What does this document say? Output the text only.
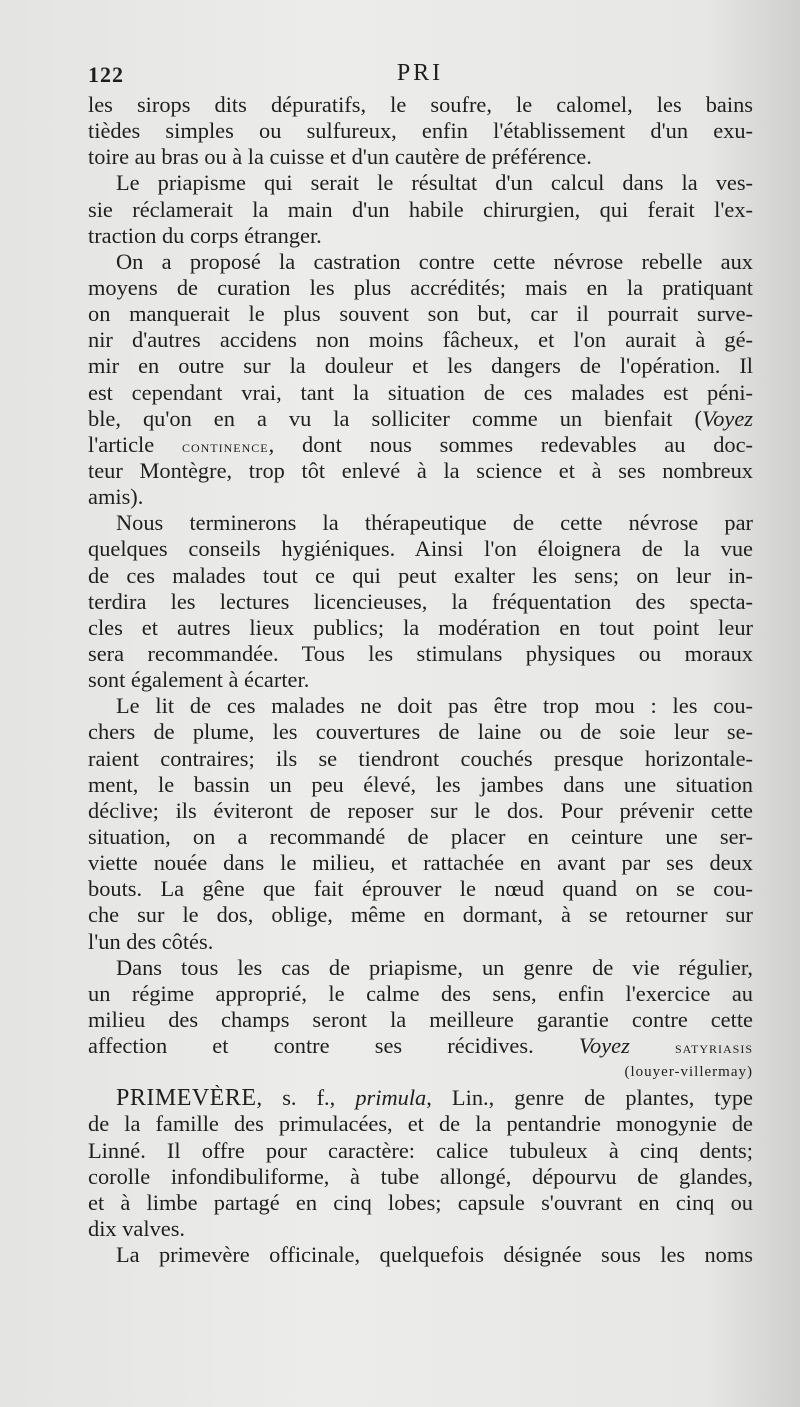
122	PRI
les sirops dits dépuratifs, le soufre, le calomel, les bains
tièdes simples ou sulfureux, enfin l'établissement d'un exu-
toire au bras ou à la cuisse et d'un cautère de préférence.
Le priapisme qui serait le résultat d'un calcul dans la ves-
sie réclamerait la main d'un habile chirurgien, qui ferait l'ex-
traction du corps étranger.
On a proposé la castration contre cette névrose rebelle aux
moyens de curation les plus accrédités; mais en la pratiquant
on manquerait le plus souvent son but, car il pourrait surve-
nir d'autres accidens non moins fâcheux, et l'on aurait à gé-
mir en outre sur la douleur et les dangers de l'opération. Il
est cependant vrai, tant la situation de ces malades est péni-
ble, qu'on en a vu la solliciter comme un bienfait (Voyez
l'article continence, dont nous sommes redevables au doc-
teur Montègre, trop tôt enlevé à la science et à ses nombreux
amis).
Nous terminerons la thérapeutique de cette névrose par
quelques conseils hygiéniques. Ainsi l'on éloignera de la vue
de ces malades tout ce qui peut exalter les sens; on leur in-
terdira les lectures licencieuses, la fréquentation des specta-
cles et autres lieux publics; la modération en tout point leur
sera recommandée. Tous les stimulans physiques ou moraux
sont également à écarter.
Le lit de ces malades ne doit pas être trop mou : les cou-
chers de plume, les couvertures de laine ou de soie leur se-
raient contraires; ils se tiendront couchés presque horizontale-
ment, le bassin un peu élevé, les jambes dans une situation
déclive; ils éviteront de reposer sur le dos. Pour prévenir cette
situation, on a recommandé de placer en ceinture une ser-
viette nouée dans le milieu, et rattachée en avant par ses deux
bouts. La gêne que fait éprouver le nœud quand on se cou-
che sur le dos, oblige, même en dormant, à se retourner sur
l'un des côtés.
Dans tous les cas de priapisme, un genre de vie régulier,
un régime approprié, le calme des sens, enfin l'exercice au
milieu des champs seront la meilleure garantie contre cette
affection et contre ses récidives. Voyez	satyriasis
(louyer-villermay)
PRIMEVÈRE, s. f., primula, Lin., genre de plantes, type
de la famille des primulacées, et de la pentandrie monogynie de
Linné. Il offre pour caractère: calice tubuleux à cinq dents;
corolle infondibuliforme, à tube allongé, dépourvu de glandes,
et à limbe partagé en cinq lobes; capsule s'ouvrant en cinq ou
dix valves.
La primevère officinale, quelquefois désignée sous les noms
